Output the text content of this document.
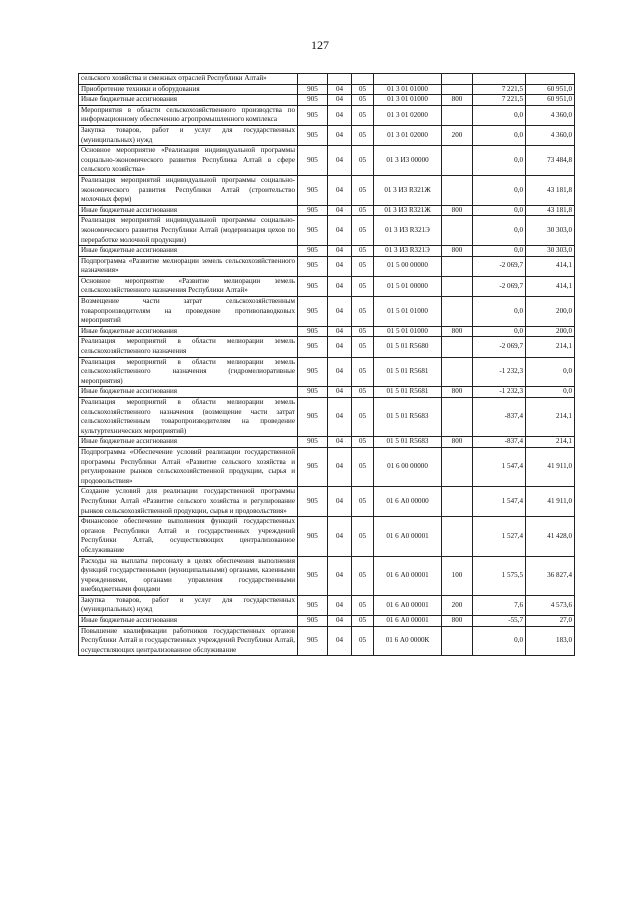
127
сельского хозяйства и смежных отраслей Республики Алтай»							
Приобретение техники и оборудования	905	04	05	01 3 01 01000		7 221,5	60 951,0
Иные бюджетные ассигнования	905	04	05	01 3 01 01000	800	7 221,5	60 951,0
Мероприятия в области сельскохозяйственного производства по информационному обеспечению агропромышленного комплекса	905	04	05	01 3 01 02000		0,0	4 360,0
Закупка товаров, работ и услуг для государственных (муниципальных) нужд	905	04	05	01 3 01 02000	200	0,0	4 360,0
Основное мероприятие «Реализация индивидуальной программы социально-экономического развития Республика Алтай в сфере сельского хозяйства»	905	04	05	01 3 И3 00000		0,0	73 484,8
Реализация мероприятий индивидуальной программы социально-экономического развития Республики Алтай (строительство молочных ферм)	905	04	05	01 3 И3 R321Ж		0,0	43 181,8
Иные бюджетные ассигнования	905	04	05	01 3 И3 R321Ж	800	0,0	43 181,8
Реализация мероприятий индивидуальной программы социально-экономического развития Республики Алтай (модернизация цехов по переработке молочной продукции)	905	04	05	01 3 И3 R321Э		0,0	30 303,0
Иные бюджетные ассигнования	905	04	05	01 3 И3 R321Э	800	0,0	30 303,0
Подпрограмма «Развитие мелиорации земель сельскохозяйственного назначения»	905	04	05	01 5 00 00000		-2 069,7	414,1
Основное мероприятие «Развитие мелиорации земель сельскохозяйственного назначения Республики Алтай»	905	04	05	01 5 01 00000		-2 069,7	414,1
Возмещение части затрат сельскохозяйственным товаропроизводителям на проведение противопаводковых мероприятий	905	04	05	01 5 01 01000		0,0	200,0
Иные бюджетные ассигнования	905	04	05	01 5 01 01000	800	0,0	200,0
Реализация мероприятий в области мелиорации земель сельскохозяйственного назначения	905	04	05	01 5 01 R5680		-2 069,7	214,1
Реализация мероприятий в области мелиорации земель сельскохозяйственного назначения (гидромелиоративные мероприятия)	905	04	05	01 5 01 R5681		-1 232,3	0,0
Иные бюджетные ассигнования	905	04	05	01 5 01 R5681	800	-1 232,3	0,0
Реализация мероприятий в области мелиорации земель сельскохозяйственного назначения (возмещение части затрат сельскохозяйственным товаропроизводителям на проведение культуртехнических мероприятий)	905	04	05	01 5 01 R5683		-837,4	214,1
Иные бюджетные ассигнования	905	04	05	01 5 01 R5683	800	-837,4	214,1
Подпрограмма «Обеспечение условий реализации государственной программы Республики Алтай «Развитие сельского хозяйства и регулирование рынков сельскохозяйственной продукции, сырья и продовольствия»	905	04	05	01 6 00 00000		1 547,4	41 911,0
Создание условий для реализации государственной программы Республики Алтай «Развитие сельского хозяйства и регулирование рынков сельскохозяйственной продукции, сырья и продовольствия»	905	04	05	01 6 А0 00000		1 547,4	41 911,0
Финансовое обеспечение выполнения функций государственных органов Республики Алтай и государственных учреждений Республики Алтай, осуществляющих централизованное обслуживание	905	04	05	01 6 А0 00001		1 527,4	41 428,0
Расходы на выплаты персоналу в целях обеспечения выполнения функций государственными (муниципальными) органами, казенными учреждениями, органами управления государственными внебюджетными фондами	905	04	05	01 6 А0 00001	100	1 575,5	36 827,4
Закупка товаров, работ и услуг для государственных (муниципальных) нужд	905	04	05	01 6 А0 00001	200	7,6	4 573,6
Иные бюджетные ассигнования	905	04	05	01 6 А0 00001	800	-55,7	27,0
Повышение квалификации работников государственных органов Республики Алтай и государственных учреждений Республики Алтай, осуществляющих централизованное обслуживание	905	04	05	01 6 А0 0000К		0,0	183,0
